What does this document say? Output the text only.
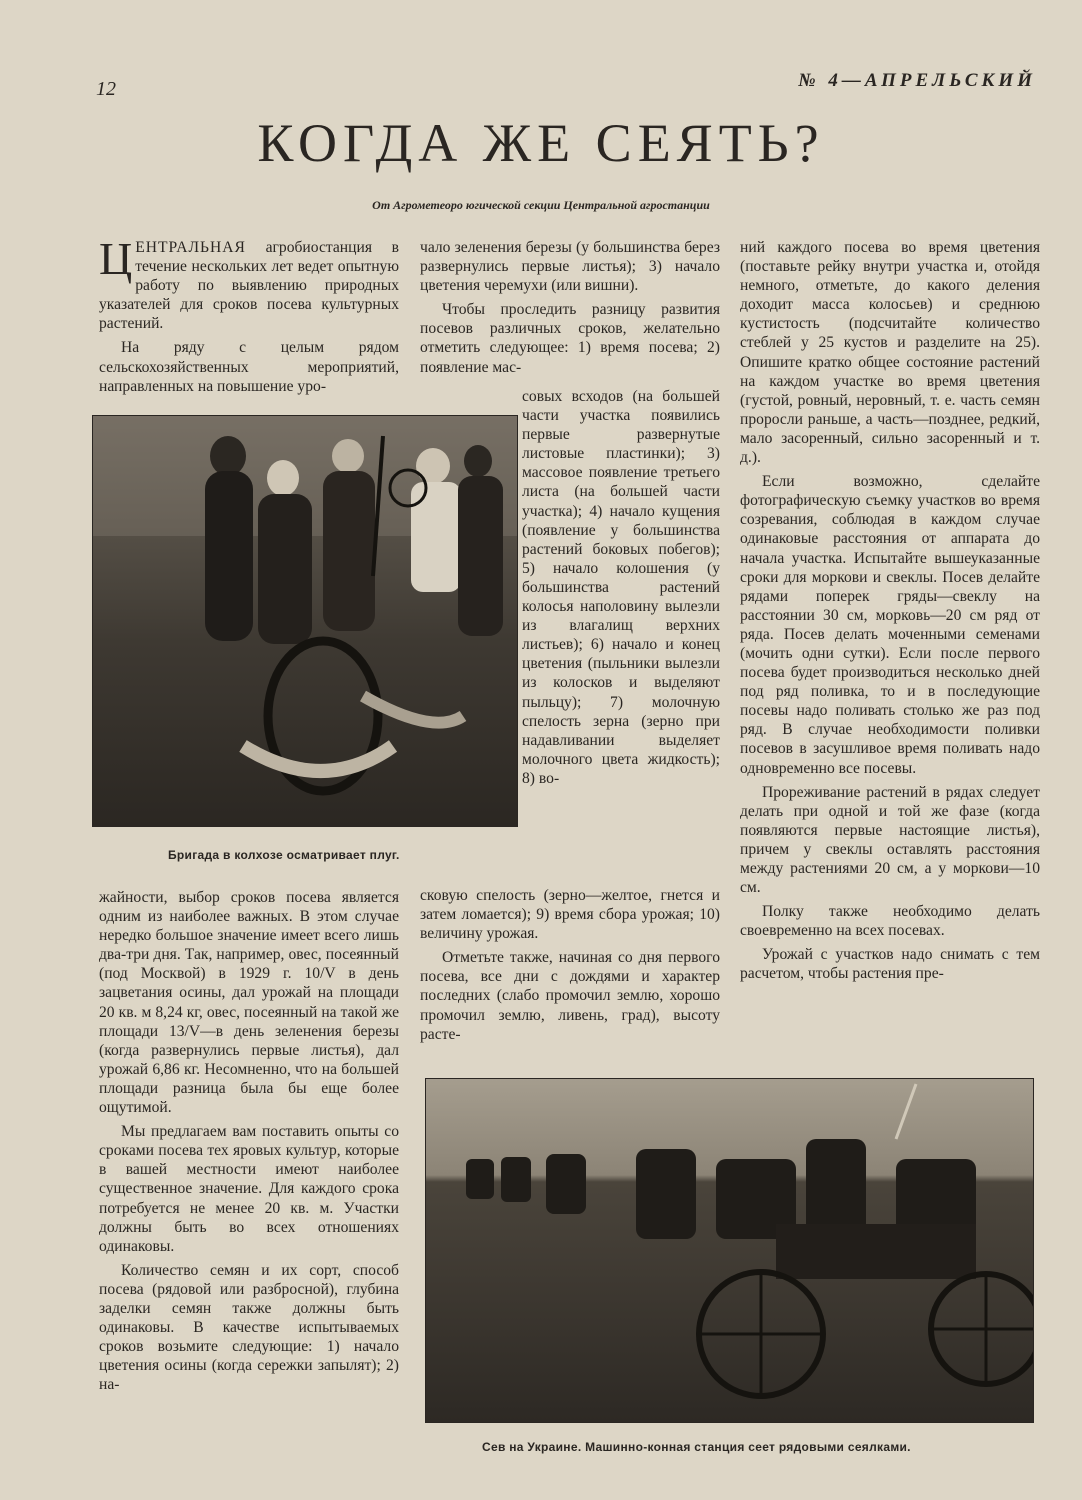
12	№ 4—АПРЕЛЬСКИЙ
КОГДА ЖЕ СЕЯТЬ?
От Агрометеоро югической секции Центральной агростанции

ЦЕНТРАЛЬНАЯ агробиостанция в течение нескольких лет ведет опытную работу по выявлению природных указателей для сроков посева культурных растений.

На ряду с целым рядом сельскохозяйственных мероприятий, направленных на повышение уро-

Бригада в колхозе осматривает плуг.

жайности, выбор сроков посева является одним из наиболее важных. В этом случае нередко большое значение имеет всего лишь два-три дня. Так, например, овес, посеянный (под Москвой) в 1929 г. 10/V в день зацветания осины, дал урожай на площади 20 кв. м 8,24 кг, овес, посеянный на такой же площади 13/V—в день зеленения березы (когда развернулись первые листья), дал урожай 6,86 кг. Несомненно, что на большей площади разница была бы еще более ощутимой.

Мы предлагаем вам поставить опыты со сроками посева тех яровых культур, которые в вашей местности имеют наиболее существенное значение. Для каждого срока потребуется не менее 20 кв. м. Участки должны быть во всех отношениях одинаковы.

Количество семян и их сорт, способ посева (рядовой или разбросной), глубина заделки семян также должны быть одинаковы. В качестве испытываемых сроков возьмите следующие: 1) начало цветения осины (когда сережки запылят); 2) на-

чало зеленения березы (у большинства берез развернулись первые листья); 3) начало цветения черемухи (или вишни).

Чтобы проследить разницу развития посевов различных сроков, желательно отметить следующее: 1) время посева; 2) появление мас-

совых всходов (на большей части участка появились первые развернутые листовые пластинки); 3) массовое появление третьего листа (на большей части участка); 4) начало кущения (появление у большинства растений боковых побегов); 5) начало колошения (у большинства растений колосья наполовину вылезли из влагалищ верхних листьев); 6) начало и конец цветения (пыльники вылезли из колосков и выделяют пыльцу); 7) молочную спелость зерна (зерно при надавливании выделяет молочного цвета жидкость); 8) во-

сковую спелость (зерно—желтое, гнется и затем ломается); 9) время сбора урожая; 10) величину урожая.

Отметьте также, начиная со дня первого посева, все дни с дождями и характер последних (слабо промочил землю, хорошо промочил землю, ливень, град), высоту расте-

ний каждого посева во время цветения (поставьте рейку внутри участка и, отойдя немного, отметьте, до какого деления доходит масса колосьев) и среднюю кустистость (подсчитайте количество стеблей у 25 кустов и разделите на 25). Опишите кратко общее состояние растений на каждом участке во время цветения (густой, ровный, неровный, т. е. часть семян проросли раньше, а часть—позднее, редкий, мало засоренный, сильно засоренный и т. д.).

Если возможно, сделайте фотографическую съемку участков во время созревания, соблюдая в каждом случае одинаковые расстояния от аппарата до начала участка. Испытайте вышеуказанные сроки для моркови и свеклы. Посев делайте рядами поперек гряды—свеклу на расстоянии 30 см, морковь—20 см ряд от ряда. Посев делать моченными семенами (мочить одни сутки). Если после первого посева будет производиться несколько дней под ряд поливка, то и в последующие посевы надо поливать столько же раз под ряд. В случае необходимости поливки посевов в засушливое время поливать надо одновременно все посевы.

Прореживание растений в рядах следует делать при одной и той же фазе (когда появляются первые настоящие листья), причем у свеклы оставлять расстояния между растениями 20 см, а у моркови—10 см.

Полку также необходимо делать своевременно на всех посевах.

Урожай с участков надо снимать с тем расчетом, чтобы растения пре-

Сев на Украине. Машинно-конная станция сеет рядовыми сеялками.
